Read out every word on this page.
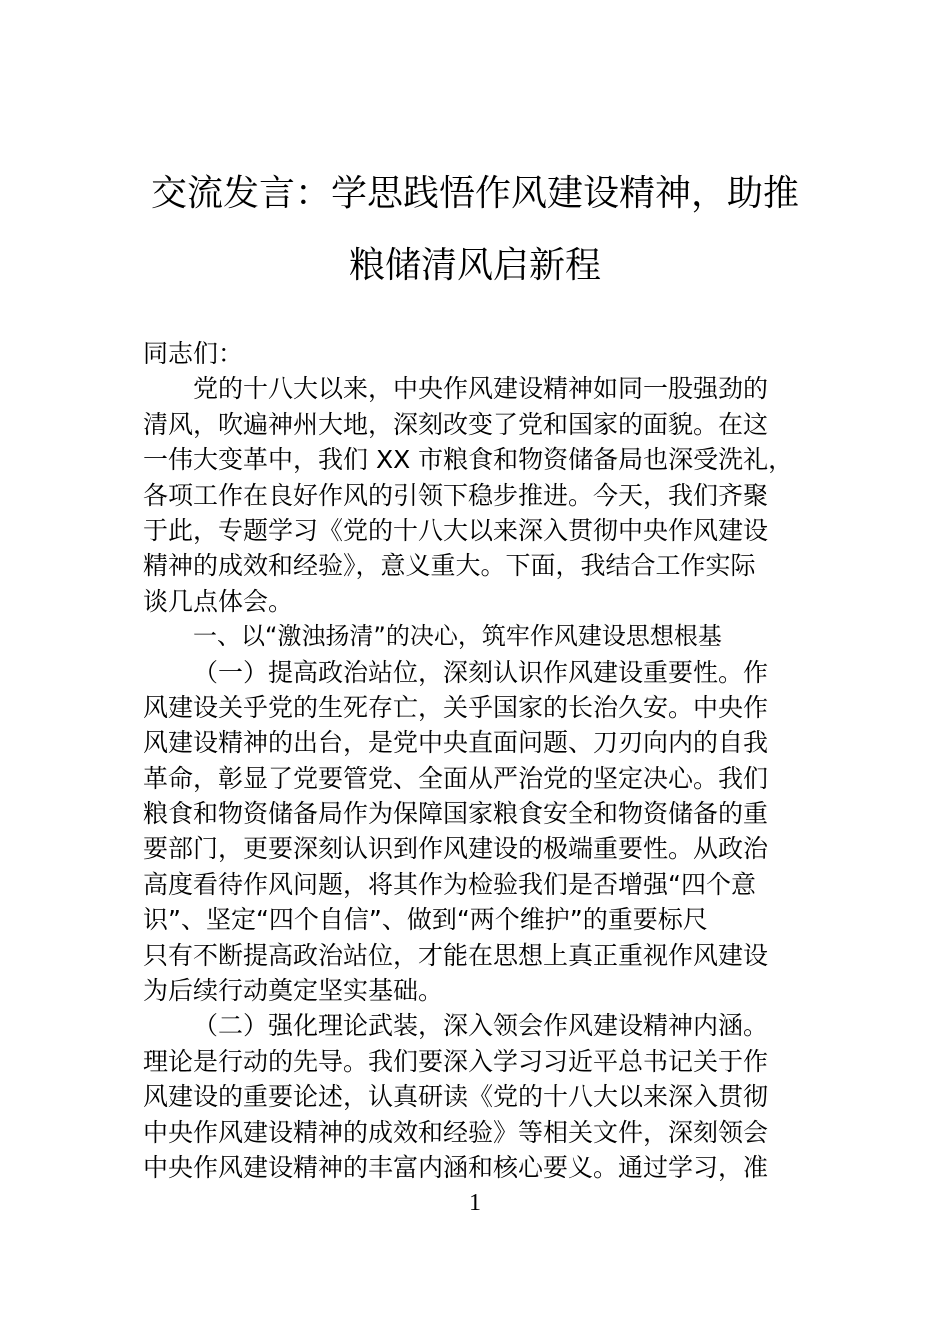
交流发言：学思践悟作风建设精神，助推
粮储清风启新程
同志们：
党的十八大以来，中央作风建设精神如同一股强劲的
清风，吹遍神州大地，深刻改变了党和国家的面貌。在这
一伟大变革中，我们 XX 市粮食和物资储备局也深受洗礼，
各项工作在良好作风的引领下稳步推进。今天，我们齐聚
于此，专题学习《党的十八大以来深入贯彻中央作风建设
精神的成效和经验》，意义重大。下面，我结合工作实际
谈几点体会。
一、以“激浊扬清”的决心，筑牢作风建设思想根基
（一）提高政治站位，深刻认识作风建设重要性。作
风建设关乎党的生死存亡，关乎国家的长治久安。中央作
风建设精神的出台，是党中央直面问题、刀刃向内的自我
革命，彰显了党要管党、全面从严治党的坚定决心。我们
粮食和物资储备局作为保障国家粮食安全和物资储备的重
要部门，更要深刻认识到作风建设的极端重要性。从政治
高度看待作风问题，将其作为检验我们是否增强“四个意
识”、坚定“四个自信”、做到“两个维护”的重要标尺
只有不断提高政治站位，才能在思想上真正重视作风建设
为后续行动奠定坚实基础。
（二）强化理论武装，深入领会作风建设精神内涵。
理论是行动的先导。我们要深入学习习近平总书记关于作
风建设的重要论述，认真研读《党的十八大以来深入贯彻
中央作风建设精神的成效和经验》等相关文件，深刻领会
中央作风建设精神的丰富内涵和核心要义。通过学习，准
1
